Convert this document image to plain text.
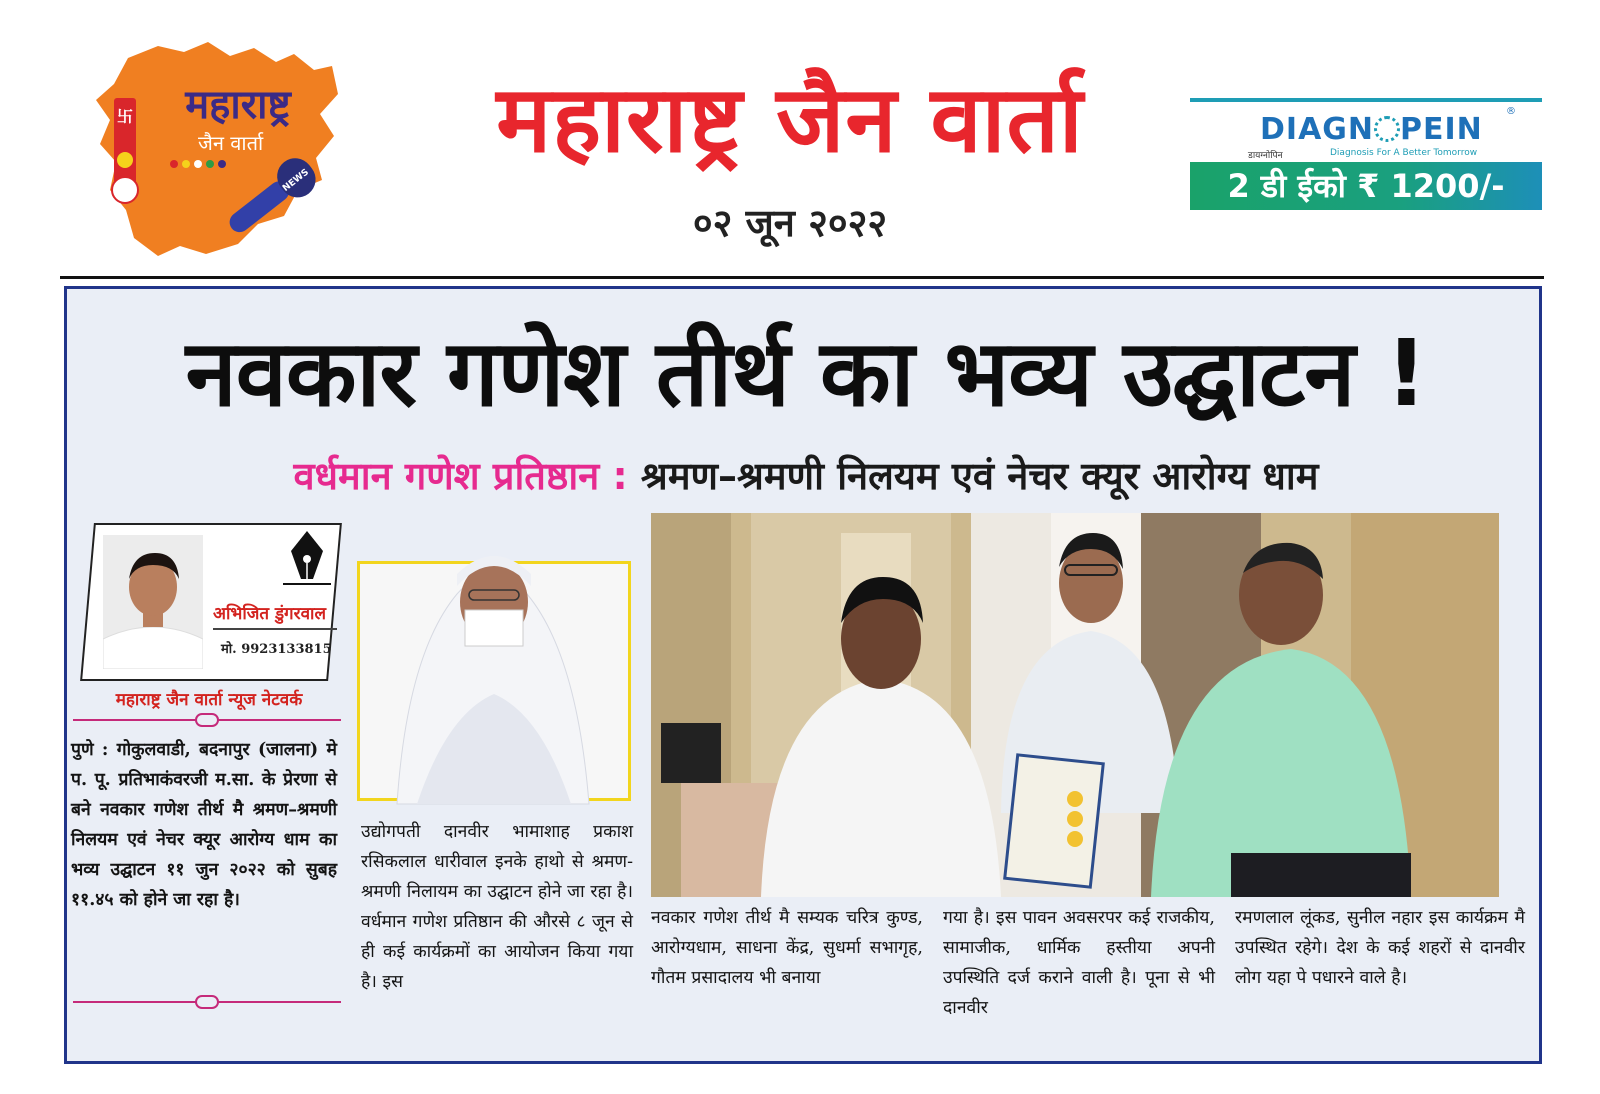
卐 महाराष्ट्र
जैन वार्ता
NEWS
महाराष्ट्र जैन वार्ता
०२ जून २०२२
DIAGN PEIN
®
डायग्नोपिन	Diagnosis For A Better Tomorrow
2 डी ईको ₹ 1200/-
नवकार गणेश तीर्थ का भव्य उद्घाटन !
वर्धमान गणेश प्रतिष्ठान : श्रमण–श्रमणी निलयम एवं नेचर क्यूर आरोग्य धाम
अभिजित डुंगरवाल
मो. 9923133815
महाराष्ट्र जैन वार्ता न्यूज नेटवर्क
पुणे : गोकुलवाडी, बदनापुर (जालना) मे प. पू. प्रतिभाकंवरजी म.सा. के प्रेरणा से बने नवकार गणेश तीर्थ मै श्रमण–श्रमणी निलयम एवं नेचर क्यूर आरोग्य धाम का भव्य उद्घाटन ११ जुन २०२२ को सुबह ११.४५ को होने जा रहा है।
उद्योगपती दानवीर भामाशाह प्रकाश रसिकलाल धारीवाल इनके हाथो से श्रमण-श्रमणी निलायम का उद्घाटन होने जा रहा है। वर्धमान गणेश प्रतिष्ठान की औरसे ८ जून से ही कई कार्यक्रमों का आयोजन किया गया है। इस
नवकार गणेश तीर्थ मै सम्यक चरित्र कुण्ड, आरोग्यधाम, साधना केंद्र, सुधर्मा सभागृह, गौतम प्रसादालय भी बनाया
गया है। इस पावन अवसरपर कई राजकीय, सामाजीक, धार्मिक हस्तीया अपनी उपस्थिति दर्ज कराने वाली है। पूना से भी दानवीर
रमणलाल लूंकड, सुनील नहार इस कार्यक्रम मै उपस्थित रहेगे। देश के कई शहरों से दानवीर लोग यहा पे पधारने वाले है।
